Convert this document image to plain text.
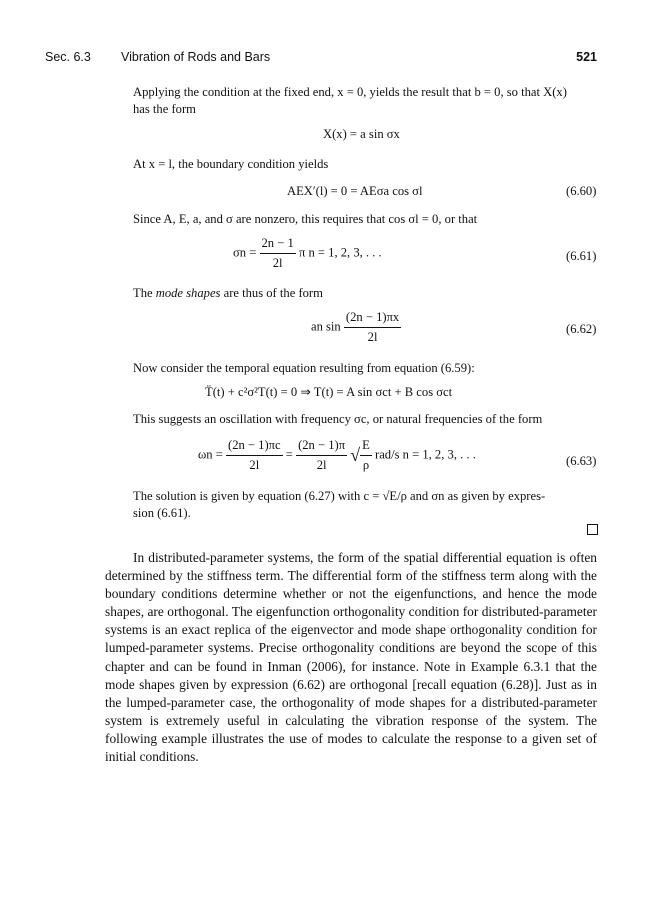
Sec. 6.3 Vibration of Rods and Bars	521
Applying the condition at the fixed end, x = 0, yields the result that b = 0, so that X(x)
has the form
X(x) = a sin σx
At x = l, the boundary condition yields
AEX′(l) = 0 = AEσa cos σl	(6.60)
Since A, E, a, and σ are nonzero, this requires that cos σl = 0, or that
$\sigma n = \frac{2n - 1}{2l}$ π n = 1, 2, 3, . . .	(6.61)
The mode shapes are thus of the form
an $\sin \frac{(2n - 1)\pi x}{2l}$	(6.62)
Now consider the temporal equation resulting from equation (6.59):
T̈(t) + c²σ²T(t) = 0 ⇒ T(t) = A sin σct + B cos σct
This suggests an oscillation with frequency σc, or natural frequencies of the form
$\omega n = \frac{(2n - 1)\pi c}{2l} = \frac{(2n - 1)\pi}{2l}$ √ $\frac{E}{\rho} rad/s$ n = 1, 2, 3, . . .	(6.63)
The solution is given by equation (6.27) with c = √E/ρ and σn as given by expres-
sion (6.61).
In distributed-parameter systems, the form of the spatial differential equation is often determined by the stiffness term. The differential form of the stiffness term along with the boundary conditions determine whether or not the eigenfunctions, and hence the mode shapes, are orthogonal. The eigenfunction orthogonality condition for distributed-parameter systems is an exact replica of the eigenvector and mode shape orthogonality condition for lumped-parameter systems. Precise orthogonality conditions are beyond the scope of this chapter and can be found in Inman (2006), for instance. Note in Example 6.3.1 that the mode shapes given by expression (6.62) are orthogonal [recall equation (6.28)]. Just as in the lumped-parameter case, the orthogonality of mode shapes for a distributed-parameter system is extremely useful in calculating the vibration response of the system. The following example illustrates the use of modes to calculate the response to a given set of initial conditions.
